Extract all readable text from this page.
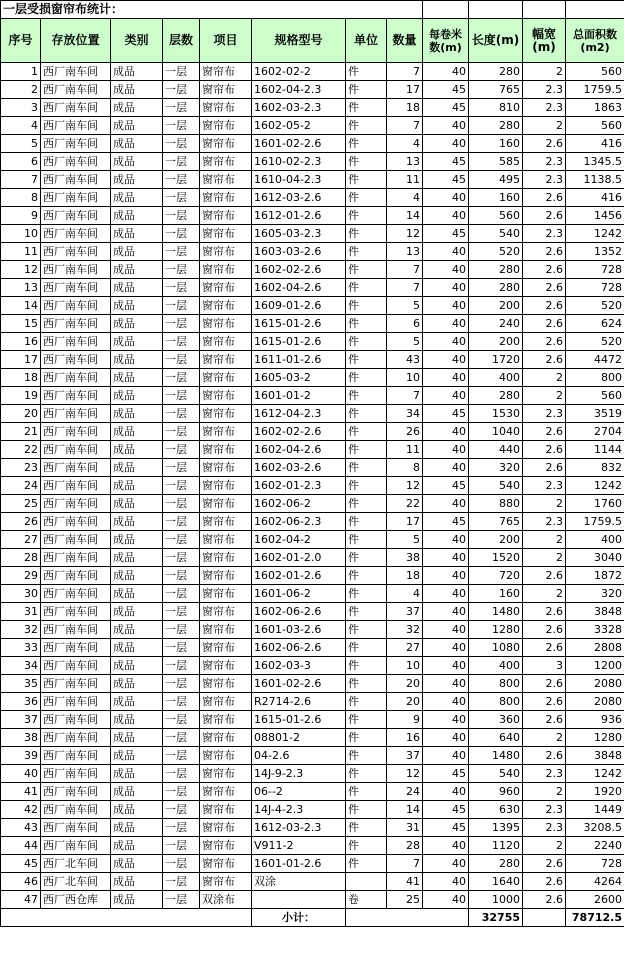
一层受损窗帘布统计：											
序号	存放位置	类别	层数	项目	规格型号	单位	数量	每卷米数(m)	长度(m)	幅宽(m)	总面积数(m2)
1	西厂南车间	成品	一层	窗帘布	1602-02-2	件	7	40	280	2	560
2	西厂南车间	成品	一层	窗帘布	1602-04-2.3	件	17	45	765	2.3	1759.5
3	西厂南车间	成品	一层	窗帘布	1602-03-2.3	件	18	45	810	2.3	1863
4	西厂南车间	成品	一层	窗帘布	1602-05-2	件	7	40	280	2	560
5	西厂南车间	成品	一层	窗帘布	1601-02-2.6	件	4	40	160	2.6	416
6	西厂南车间	成品	一层	窗帘布	1610-02-2.3	件	13	45	585	2.3	1345.5
7	西厂南车间	成品	一层	窗帘布	1610-04-2.3	件	11	45	495	2.3	1138.5
8	西厂南车间	成品	一层	窗帘布	1612-03-2.6	件	4	40	160	2.6	416
9	西厂南车间	成品	一层	窗帘布	1612-01-2.6	件	14	40	560	2.6	1456
10	西厂南车间	成品	一层	窗帘布	1605-03-2.3	件	12	45	540	2.3	1242
11	西厂南车间	成品	一层	窗帘布	1603-03-2.6	件	13	40	520	2.6	1352
12	西厂南车间	成品	一层	窗帘布	1602-02-2.6	件	7	40	280	2.6	728
13	西厂南车间	成品	一层	窗帘布	1602-04-2.6	件	7	40	280	2.6	728
14	西厂南车间	成品	一层	窗帘布	1609-01-2.6	件	5	40	200	2.6	520
15	西厂南车间	成品	一层	窗帘布	1615-01-2.6	件	6	40	240	2.6	624
16	西厂南车间	成品	一层	窗帘布	1615-01-2.6	件	5	40	200	2.6	520
17	西厂南车间	成品	一层	窗帘布	1611-01-2.6	件	43	40	1720	2.6	4472
18	西厂南车间	成品	一层	窗帘布	1605-03-2	件	10	40	400	2	800
19	西厂南车间	成品	一层	窗帘布	1601-01-2	件	7	40	280	2	560
20	西厂南车间	成品	一层	窗帘布	1612-04-2.3	件	34	45	1530	2.3	3519
21	西厂南车间	成品	一层	窗帘布	1602-02-2.6	件	26	40	1040	2.6	2704
22	西厂南车间	成品	一层	窗帘布	1602-04-2.6	件	11	40	440	2.6	1144
23	西厂南车间	成品	一层	窗帘布	1602-03-2.6	件	8	40	320	2.6	832
24	西厂南车间	成品	一层	窗帘布	1602-01-2.3	件	12	45	540	2.3	1242
25	西厂南车间	成品	一层	窗帘布	1602-06-2	件	22	40	880	2	1760
26	西厂南车间	成品	一层	窗帘布	1602-06-2.3	件	17	45	765	2.3	1759.5
27	西厂南车间	成品	一层	窗帘布	1602-04-2	件	5	40	200	2	400
28	西厂南车间	成品	一层	窗帘布	1602-01-2.0	件	38	40	1520	2	3040
29	西厂南车间	成品	一层	窗帘布	1602-01-2.6	件	18	40	720	2.6	1872
30	西厂南车间	成品	一层	窗帘布	1601-06-2	件	4	40	160	2	320
31	西厂南车间	成品	一层	窗帘布	1602-06-2.6	件	37	40	1480	2.6	3848
32	西厂南车间	成品	一层	窗帘布	1601-03-2.6	件	32	40	1280	2.6	3328
33	西厂南车间	成品	一层	窗帘布	1602-06-2.6	件	27	40	1080	2.6	2808
34	西厂南车间	成品	一层	窗帘布	1602-03-3	件	10	40	400	3	1200
35	西厂南车间	成品	一层	窗帘布	1601-02-2.6	件	20	40	800	2.6	2080
36	西厂南车间	成品	一层	窗帘布	R2714-2.6	件	20	40	800	2.6	2080
37	西厂南车间	成品	一层	窗帘布	1615-01-2.6	件	9	40	360	2.6	936
38	西厂南车间	成品	一层	窗帘布	08801-2	件	16	40	640	2	1280
39	西厂南车间	成品	一层	窗帘布	04-2.6	件	37	40	1480	2.6	3848
40	西厂南车间	成品	一层	窗帘布	14J-9-2.3	件	12	45	540	2.3	1242
41	西厂南车间	成品	一层	窗帘布	06--2	件	24	40	960	2	1920
42	西厂南车间	成品	一层	窗帘布	14J-4-2.3	件	14	45	630	2.3	1449
43	西厂南车间	成品	一层	窗帘布	1612-03-2.3	件	31	45	1395	2.3	3208.5
44	西厂南车间	成品	一层	窗帘布	V911-2	件	28	40	1120	2	2240
45	西厂北车间	成品	一层	窗帘布	1601-01-2.6	件	7	40	280	2.6	728
46	西厂北车间	成品	一层	窗帘布	双涂		41	40	1640	2.6	4264
47	西厂西仓库	成品	一层	双涂布		卷	25	40	1000	2.6	2600
					小计：				32755		78712.5
